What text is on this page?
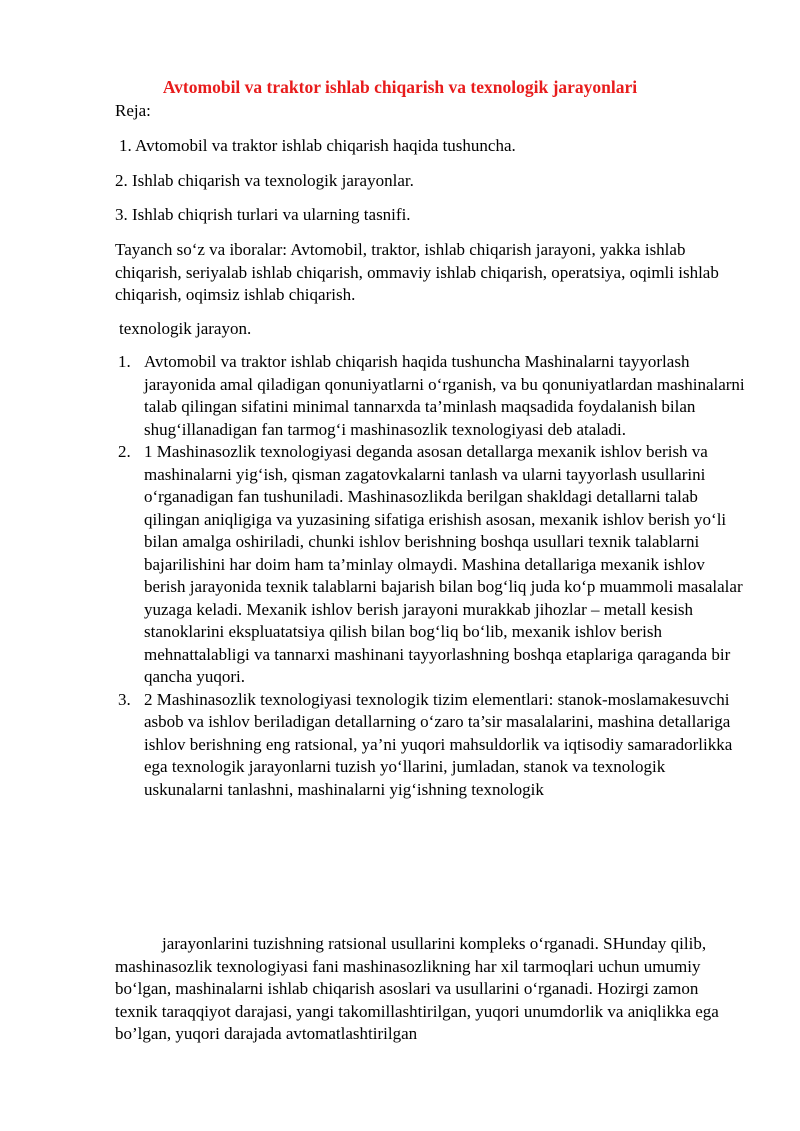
Avtomobil va traktor ishlab chiqarish va texnologik jarayonlari

Reja:

1. Avtomobil va traktor ishlab chiqarish haqida tushuncha.

2. Ishlab chiqarish va texnologik jarayonlar.

3. Ishlab chiqrish turlari va ularning tasnifi.

Tayanch so‘z va iboralar: Avtomobil, traktor, ishlab chiqarish jarayoni, yakka ishlab chiqarish, seriyalab ishlab chiqarish, ommaviy ishlab chiqarish, operatsiya, oqimli ishlab chiqarish, oqimsiz ishlab chiqarish.

texnologik jarayon.

1. Avtomobil va traktor ishlab chiqarish haqida tushuncha Mashinalarni tayyorlash jarayonida amal qiladigan qonuniyatlarni o‘rganish, va bu qonuniyatlardan mashinalarni talab qilingan sifatini minimal tannarxda ta’minlash maqsadida foydalanish bilan shug‘illanadigan fan tarmog‘i mashinasozlik texnologiyasi deb ataladi.
2. 1 Mashinasozlik texnologiyasi deganda asosan detallarga mexanik ishlov berish va mashinalarni yig‘ish, qisman zagatovkalarni tanlash va ularni tayyorlash usullarini o‘rganadigan fan tushuniladi. Mashinasozlikda berilgan shakldagi detallarni talab qilingan aniqligiga va yuzasining sifatiga erishish asosan, mexanik ishlov berish yo‘li bilan amalga oshiriladi, chunki ishlov berishning boshqa usullari texnik talablarni bajarilishini har doim ham ta’minlay olmaydi. Mashina detallariga mexanik ishlov berish jarayonida texnik talablarni bajarish bilan bog‘liq juda ko‘p muammoli masalalar yuzaga keladi. Mexanik ishlov berish jarayoni murakkab jihozlar – metall kesish stanoklarini ekspluatatsiya qilish bilan bog‘liq bo‘lib, mexanik ishlov berish mehnattalabligi va tannarxi mashinani tayyorlashning boshqa etaplariga qaraganda bir qancha yuqori.
3. 2 Mashinasozlik texnologiyasi texnologik tizim elementlari: stanok-moslamakesuvchi asbob va ishlov beriladigan detallarning o‘zaro ta’sir masalalarini, mashina detallariga ishlov berishning eng ratsional, ya’ni yuqori mahsuldorlik va iqtisodiy samaradorlikka ega texnologik jarayonlarni tuzish yo‘llarini, jumladan, stanok va texnologik uskunalarni tanlashni, mashinalarni yig‘ishning texnologik

jarayonlarini tuzishning ratsional usullarini kompleks o‘rganadi. SHunday qilib, mashinasozlik texnologiyasi fani mashinasozlikning har xil tarmoqlari uchun umumiy bo‘lgan, mashinalarni ishlab chiqarish asoslari va usullarini o‘rganadi. Hozirgi zamon texnik taraqqiyot darajasi, yangi takomillashtirilgan, yuqori unumdorlik va aniqlikka ega bo’lgan, yuqori darajada avtomatlashtirilgan
